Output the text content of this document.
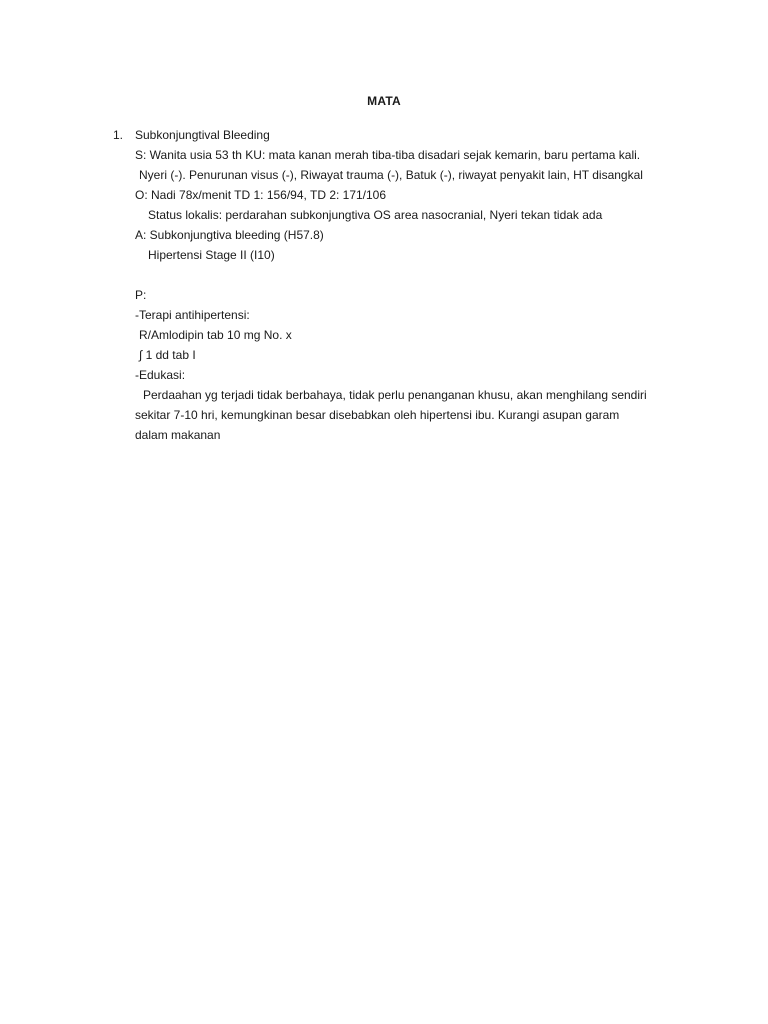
MATA
1. Subkonjungtival Bleeding
S: Wanita usia 53 th KU: mata kanan merah tiba-tiba disadari sejak kemarin, baru pertama kali.
Nyeri (-). Penurunan visus (-), Riwayat trauma (-), Batuk (-), riwayat penyakit lain, HT disangkal
O: Nadi 78x/menit TD 1: 156/94, TD 2: 171/106
Status lokalis: perdarahan subkonjungtiva OS area nasocranial, Nyeri tekan tidak ada
A: Subkonjungtiva bleeding (H57.8)
Hipertensi Stage II (I10)
P:
-Terapi antihipertensi:
R/Amlodipin tab 10 mg No. x
∫ 1 dd tab I
-Edukasi:
Perdaahan yg terjadi tidak berbahaya, tidak perlu penanganan khusu, akan menghilang sendiri
sekitar 7-10 hri, kemungkinan besar disebabkan oleh hipertensi ibu. Kurangi asupan garam
dalam makanan
